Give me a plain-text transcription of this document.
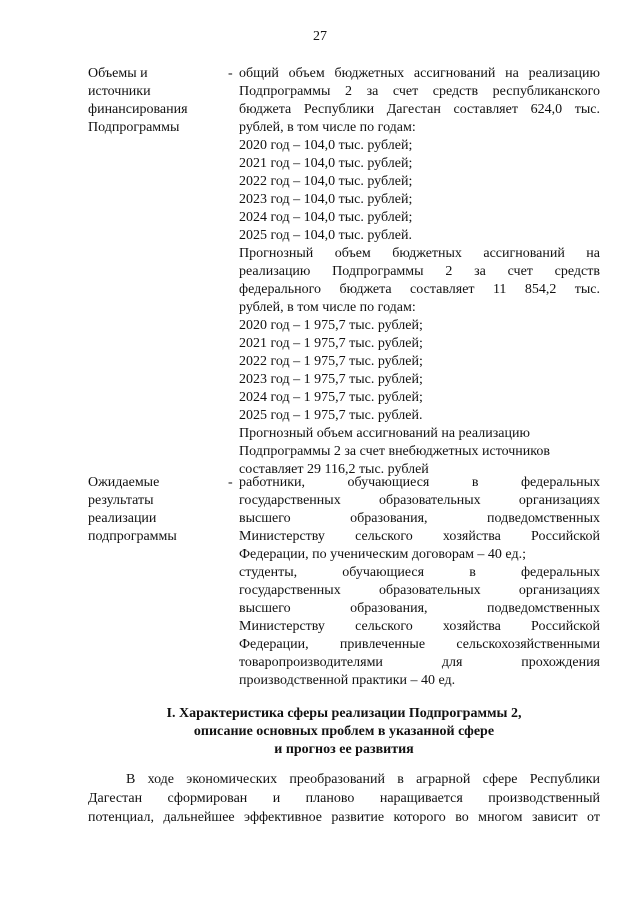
27
Объемы и
источники
финансирования
Подпрограммы
- общий объем бюджетных ассигнований на реализацию
Подпрограммы 2 за счет средств республиканского
бюджета Республики Дагестан составляет 624,0 тыс.
рублей, в том числе по годам:
2020 год – 104,0 тыс. рублей;
2021 год – 104,0 тыс. рублей;
2022 год – 104,0 тыс. рублей;
2023 год – 104,0 тыс. рублей;
2024 год – 104,0 тыс. рублей;
2025 год – 104,0 тыс. рублей.
Прогнозный объем бюджетных ассигнований на
реализацию Подпрограммы 2 за счет средств
федерального бюджета составляет 11 854,2 тыс.
рублей, в том числе по годам:
2020 год – 1 975,7 тыс. рублей;
2021 год – 1 975,7 тыс. рублей;
2022 год – 1 975,7 тыс. рублей;
2023 год – 1 975,7 тыс. рублей;
2024 год – 1 975,7 тыс. рублей;
2025 год – 1 975,7 тыс. рублей.
Прогнозный объем ассигнований на реализацию
Подпрограммы 2 за счет внебюджетных источников
составляет 29 116,2 тыс. рублей
Ожидаемые
результаты
реализации
подпрограммы
- работники, обучающиеся в федеральных
государственных образовательных организациях
высшего образования, подведомственных
Министерству сельского хозяйства Российской
Федерации, по ученическим договорам – 40 ед.;
студенты, обучающиеся в федеральных
государственных образовательных организациях
высшего образования, подведомственных
Министерству сельского хозяйства Российской
Федерации, привлеченные сельскохозяйственными
товаропроизводителями для прохождения
производственной практики – 40 ед.
I. Характеристика сферы реализации Подпрограммы 2,
описание основных проблем в указанной сфере
и прогноз ее развития
В ходе экономических преобразований в аграрной сфере Республики
Дагестан сформирован и планово наращивается производственный
потенциал, дальнейшее эффективное развитие которого во многом зависит от
